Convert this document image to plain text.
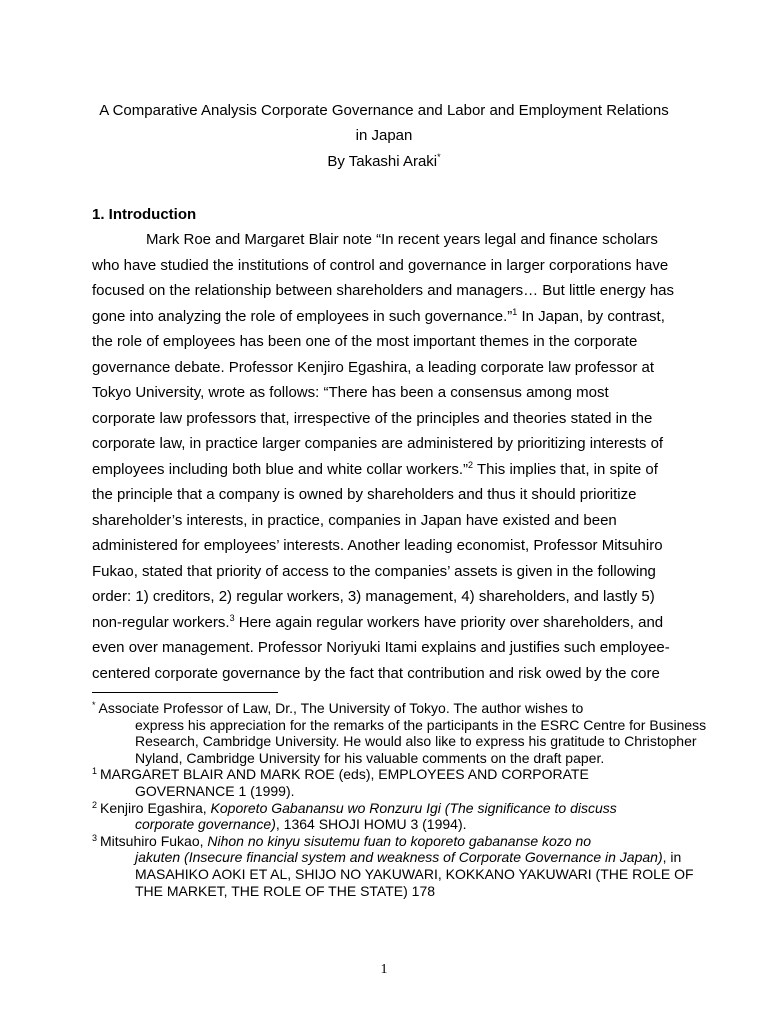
A Comparative Analysis Corporate Governance and Labor and Employment Relations
in Japan
By Takashi Araki*
1. Introduction
Mark Roe and Margaret Blair note “In recent years legal and finance scholars
who have studied the institutions of control and governance in larger corporations have
focused on the relationship between shareholders and managers… But little energy has
gone into analyzing the role of employees in such governance.”$^1$ In Japan, by contrast,
the role of employees has been one of the most important themes in the corporate
governance debate. Professor Kenjiro Egashira, a leading corporate law professor at
Tokyo University, wrote as follows: “There has been a consensus among most
corporate law professors that, irrespective of the principles and theories stated in the
corporate law, in practice larger companies are administered by prioritizing interests of
employees including both blue and white collar workers.”$^2$ This implies that, in spite of
the principle that a company is owned by shareholders and thus it should prioritize
shareholder’s interests, in practice, companies in Japan have existed and been
administered for employees’ interests. Another leading economist, Professor Mitsuhiro
Fukao, stated that priority of access to the companies’ assets is given in the following
order: 1) creditors, 2) regular workers, 3) management, 4) shareholders, and lastly 5)
non-regular workers.$^3$ Here again regular workers have priority over shareholders, and
even over management. Professor Noriyuki Itami explains and justifies such employee-
centered corporate governance by the fact that contribution and risk owed by the core

* Associate Professor of Law, Dr., The University of Tokyo. The author wishes to
express his appreciation for the remarks of the participants in the ESRC Centre for Business Research, Cambridge University. He would also like to express his gratitude to Christopher Nyland, Cambridge University for his valuable comments on the draft paper.

$^1$ MARGARET BLAIR AND MARK ROE (eds), EMPLOYEES AND CORPORATE
GOVERNANCE 1 (1999).

$^2$ Kenjiro Egashira, Koporeto Gabanansu wo Ronzuru Igi (The significance to discuss
corporate governance), 1364 SHOJI HOMU 3 (1994).

$^3$ Mitsuhiro Fukao, Nihon no kinyu sisutemu fuan to koporeto gabananse kozo no
jakuten (Insecure financial system and weakness of Corporate Governance in Japan), in MASAHIKO AOKI ET AL, SHIJO NO YAKUWARI, KOKKANO YAKUWARI (THE ROLE OF THE MARKET, THE ROLE OF THE STATE) 178

1
